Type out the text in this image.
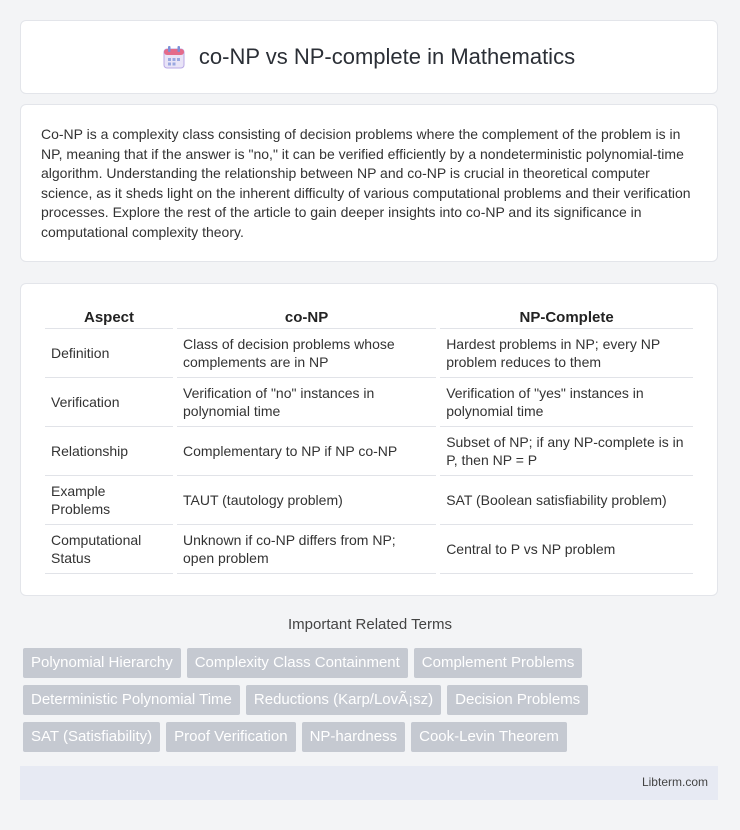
co-NP vs NP-complete in Mathematics

Co-NP is a complexity class consisting of decision problems where the complement of the problem is in NP, meaning that if the answer is "no," it can be verified efficiently by a nondeterministic polynomial-time algorithm. Understanding the relationship between NP and co-NP is crucial in theoretical computer science, as it sheds light on the inherent difficulty of various computational problems and their verification processes. Explore the rest of the article to gain deeper insights into co-NP and its significance in computational complexity theory.

Aspect	co-NP	NP-Complete
Definition	Class of decision problems whose complements are in NP	Hardest problems in NP; every NP problem reduces to them
Verification	Verification of "no" instances in polynomial time	Verification of "yes" instances in polynomial time
Relationship	Complementary to NP if NP co-NP	Subset of NP; if any NP-complete is in P, then NP = P
Example Problems	TAUT (tautology problem)	SAT (Boolean satisfiability problem)
Computational Status	Unknown if co-NP differs from NP; open problem	Central to P vs NP problem
Important Related Terms
Polynomial Hierarchy	Complexity Class Containment	Complement Problems
Deterministic Polynomial Time	Reductions (Karp/LovÃ¡sz)	Decision Problems
SAT (Satisfiability)	Proof Verification	NP-hardness	Cook-Levin Theorem
Libterm.com
